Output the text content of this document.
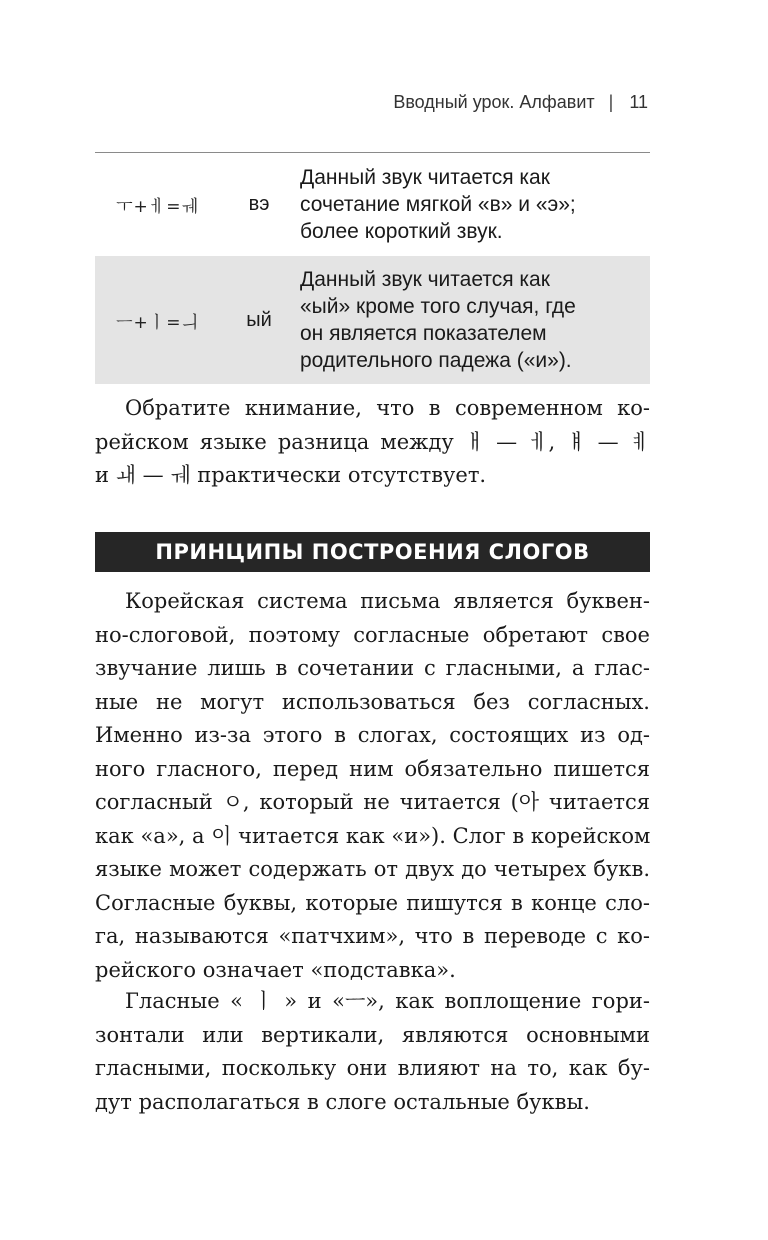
Вводный урок. Алфавит | 11
ㅜ+ㅔ=ㅞ	вэ
Данный звук читается как
сочетание мягкой «в» и «э»;
более короткий звук.
ㅡ+ㅣ=ㅢ	ый
Данный звук читается как
«ый» кроме того случая, где
он является показателем
родительного падежа («и»).
Обратите книмание, что в современном ко-
рейском языке разница между ㅐ — ㅔ, ㅒ — ㅖ
и ㅙ — ㅞ практически отсутствует.
ПРИНЦИПЫ ПОСТРОЕНИЯ СЛОГОВ
Корейская система письма является буквен-
но-слоговой, поэтому согласные обретают свое
звучание лишь в сочетании с гласными, а глас-
ные не могут использоваться без согласных.
Именно из-за этого в слогах, состоящих из од-
ного гласного, перед ним обязательно пишется
согласный ㅇ, который не читается (아 читается
как «а», а 이 читается как «и»). Слог в корейском
языке может содержать от двух до четырех букв.
Согласные буквы, которые пишутся в конце сло-
га, называются «патчхим», что в переводе с ко-
рейского означает «подставка».
Гласные « ㅣ » и «ㅡ», как воплощение гори-
зонтали или вертикали, являются основными
гласными, поскольку они влияют на то, как бу-
дут располагаться в слоге остальные буквы.
